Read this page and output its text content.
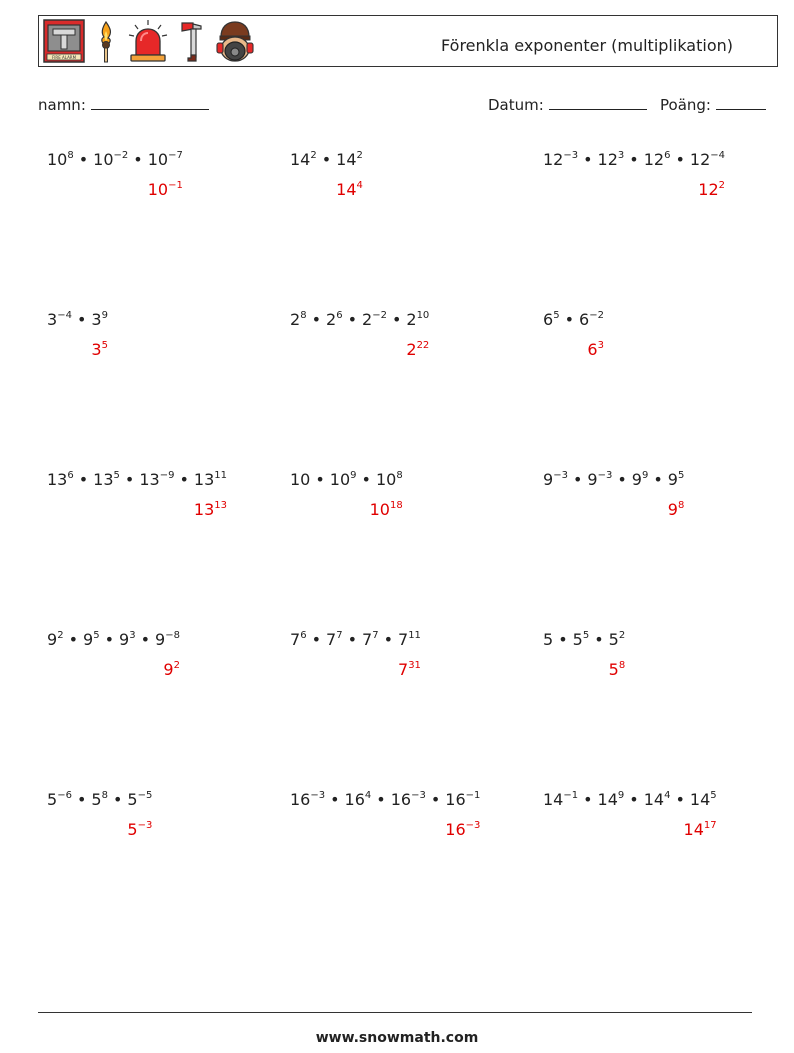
FIRE ALARM
Förenkla exponenter (multiplikation)
namn:	Datum:	Poäng:
$10^8$ • $10^{-2}$ • $10^{-7}$
$10^{-1}$
$14^2$ • $14^2$
$14^4$
$12^{-3}$ • $12^3$ • $12^6$ • $12^{-4}$
$12^2$
$3^{-4}$ • $3^9$
$3^5$
$2^8$ • $2^6$ • $2^{-2}$ • $2^{10}$
$2^{22}$
$6^5$ • $6^{-2}$
$6^3$
$13^6$ • $13^5$ • $13^{-9}$ • $13^{11}$
$13^{13}$
10 • $10^9$ • $10^8$
$10^{18}$
$9^{-3}$ • $9^{-3}$ • $9^9$ • $9^5$
$9^8$
$9^2$ • $9^5$ • $9^3$ • $9^{-8}$
$9^2$
$7^6$ • $7^7$ • $7^7$ • $7^{11}$
$7^{31}$
5 • $5^5$ • $5^2$
$5^8$
$5^{-6}$ • $5^8$ • $5^{-5}$
$5^{-3}$
$16^{-3}$ • $16^4$ • $16^{-3}$ • $16^{-1}$
$16^{-3}$
$14^{-1}$ • $14^9$ • $14^4$ • $14^5$
$14^{17}$
www.snowmath.com
